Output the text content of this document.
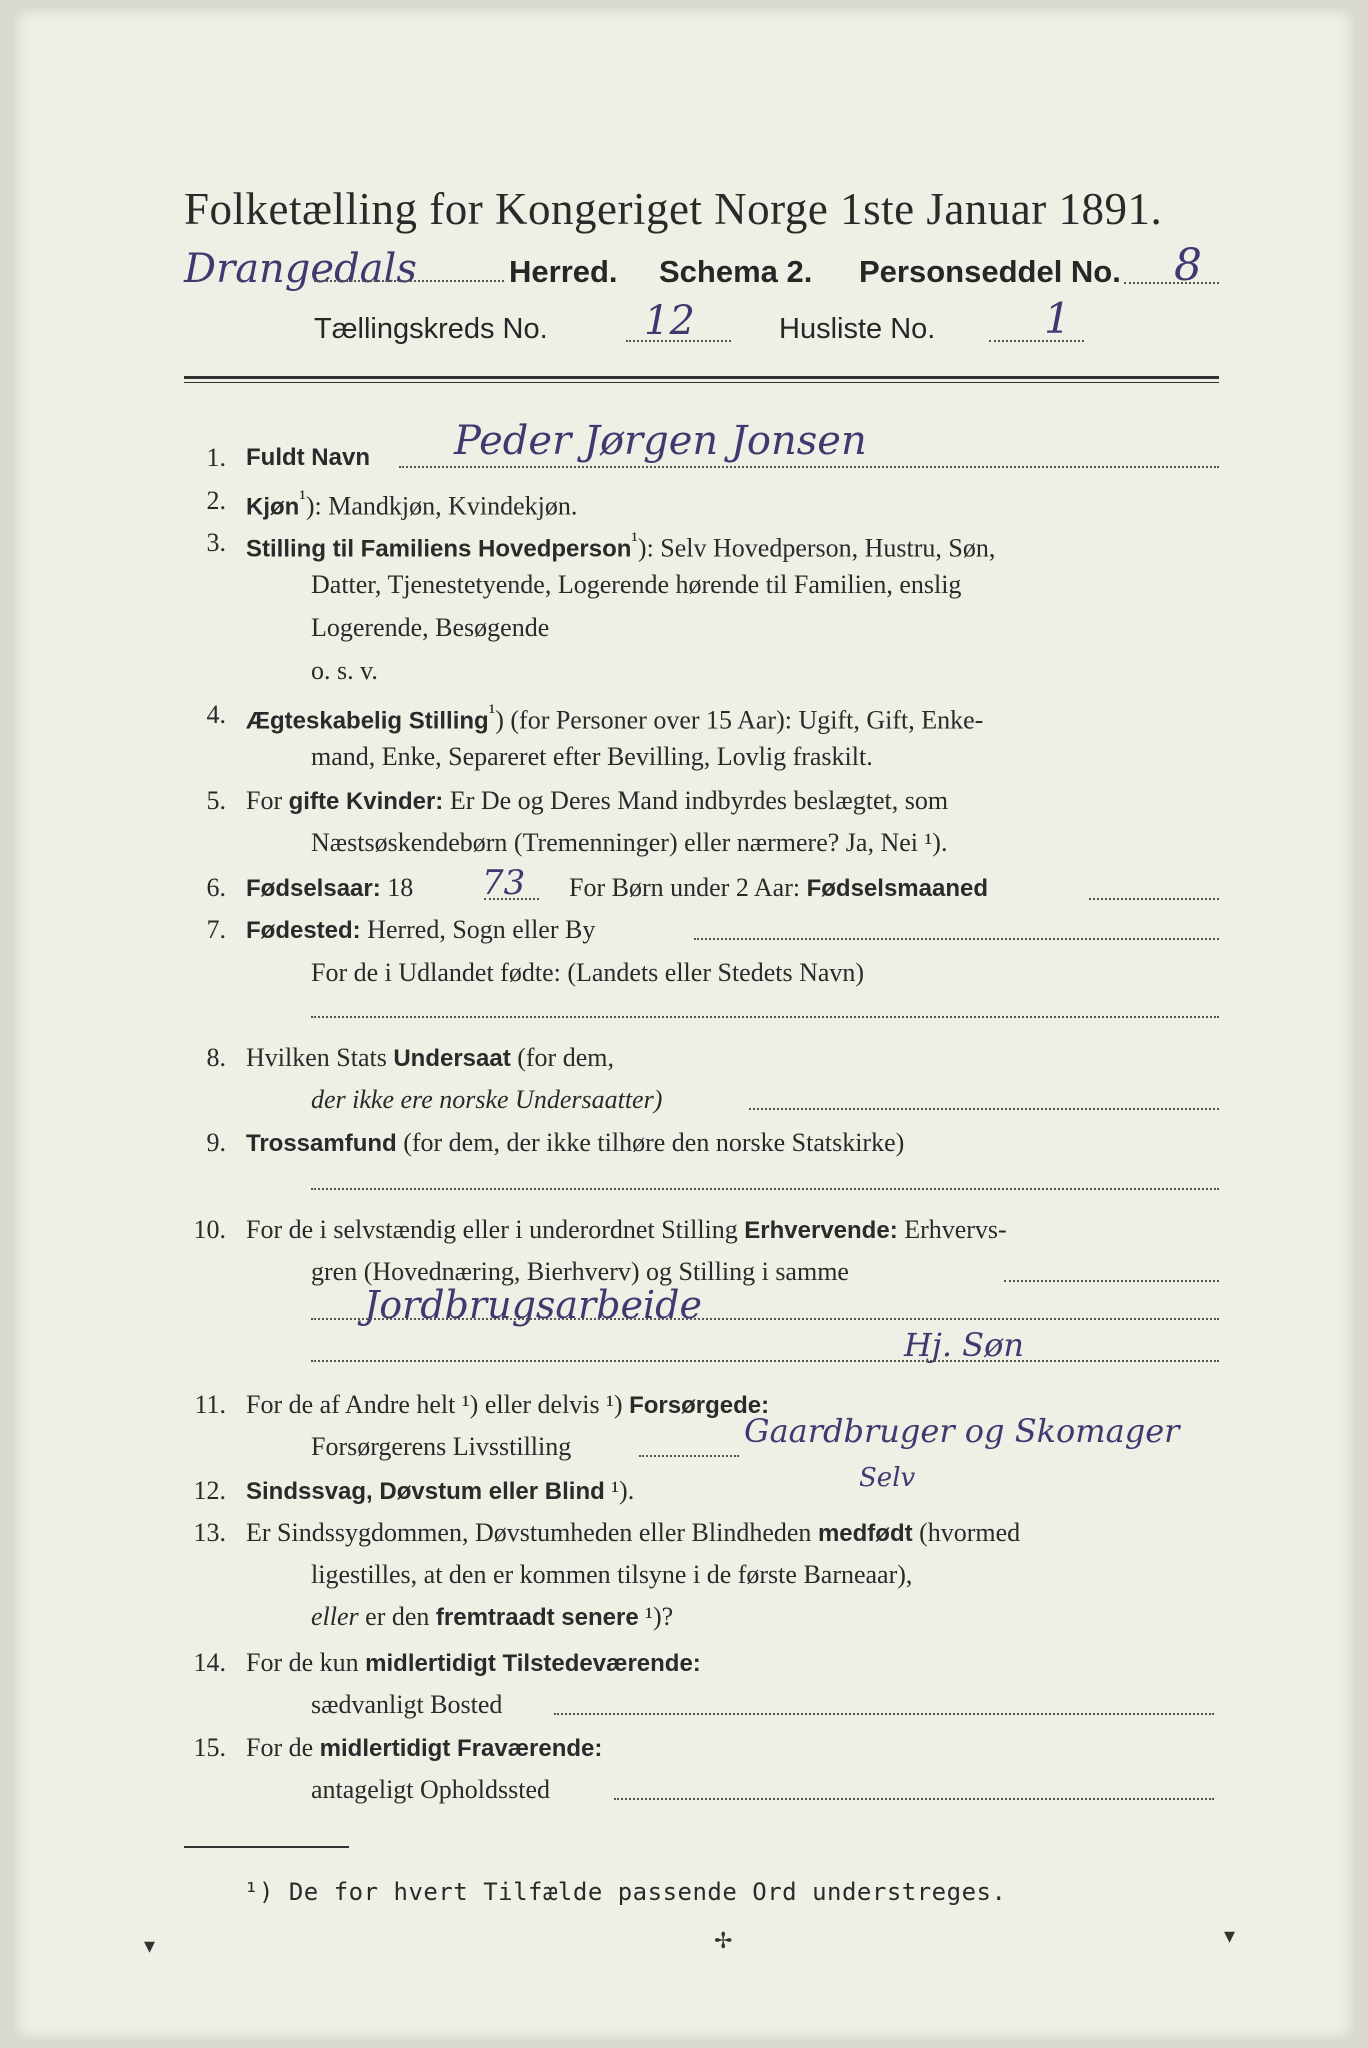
Folketælling for Kongeriget Norge 1ste Januar 1891.
Drangedals	Herred. Schema 2. Personseddel No. 8
Tællingskreds No. 12	Husliste No.	1
1. Fuldt Navn Peder Jørgen Jonsen
2. Kjøn$^{^1}$): Mandkjøn, Kvindekjøn.
3. Stilling til Familiens Hovedperson$^{^1}$): Selv Hovedperson, Hustru, Søn,
Datter, Tjenestetyende, Logerende hørende til Familien, enslig
Logerende, Besøgende
o. s. v.
4. Ægteskabelig Stilling$^{^1}$) (for Personer over 15 Aar): Ugift, Gift, Enke-
mand, Enke, Separeret efter Bevilling, Lovlig fraskilt.
5. For gifte Kvinder: Er De og Deres Mand indbyrdes beslægtet, som
Næstsøskendebørn (Tremenninger) eller nærmere? Ja, Nei ¹).
6. Fødselsaar: 18 73 For Børn under 2 Aar: Fødselsmaaned
7. Fødested: Herred, Sogn eller By
For de i Udlandet fødte: (Landets eller Stedets Navn)
8. Hvilken Stats Undersaat (for dem,
der ikke ere norske Undersaatter)
9. Trossamfund (for dem, der ikke tilhøre den norske Statskirke)
10. For de i selvstændig eller i underordnet Stilling Erhvervende: Erhvervs-
gren (Hovednæring, Bierhverv) og Stilling i samme
Jordbrugsarbeide
Hj. Søn
11. For de af Andre helt ¹) eller delvis ¹) Forsørgede:
Forsørgerens Livsstilling	Gaardbruger og Skomager
12. Sindssvag, Døvstum eller Blind ¹).	Selv
13. Er Sindssygdommen, Døvstumheden eller Blindheden medfødt (hvormed
ligestilles, at den er kommen tilsyne i de første Barneaar),
eller er den fremtraadt senere ¹)?
14. For de kun midlertidigt Tilstedeværende:
sædvanligt Bosted
15. For de midlertidigt Fraværende:
antageligt Opholdssted
¹) De for hvert Tilfælde passende Ord understreges.
▾	✢	▾
